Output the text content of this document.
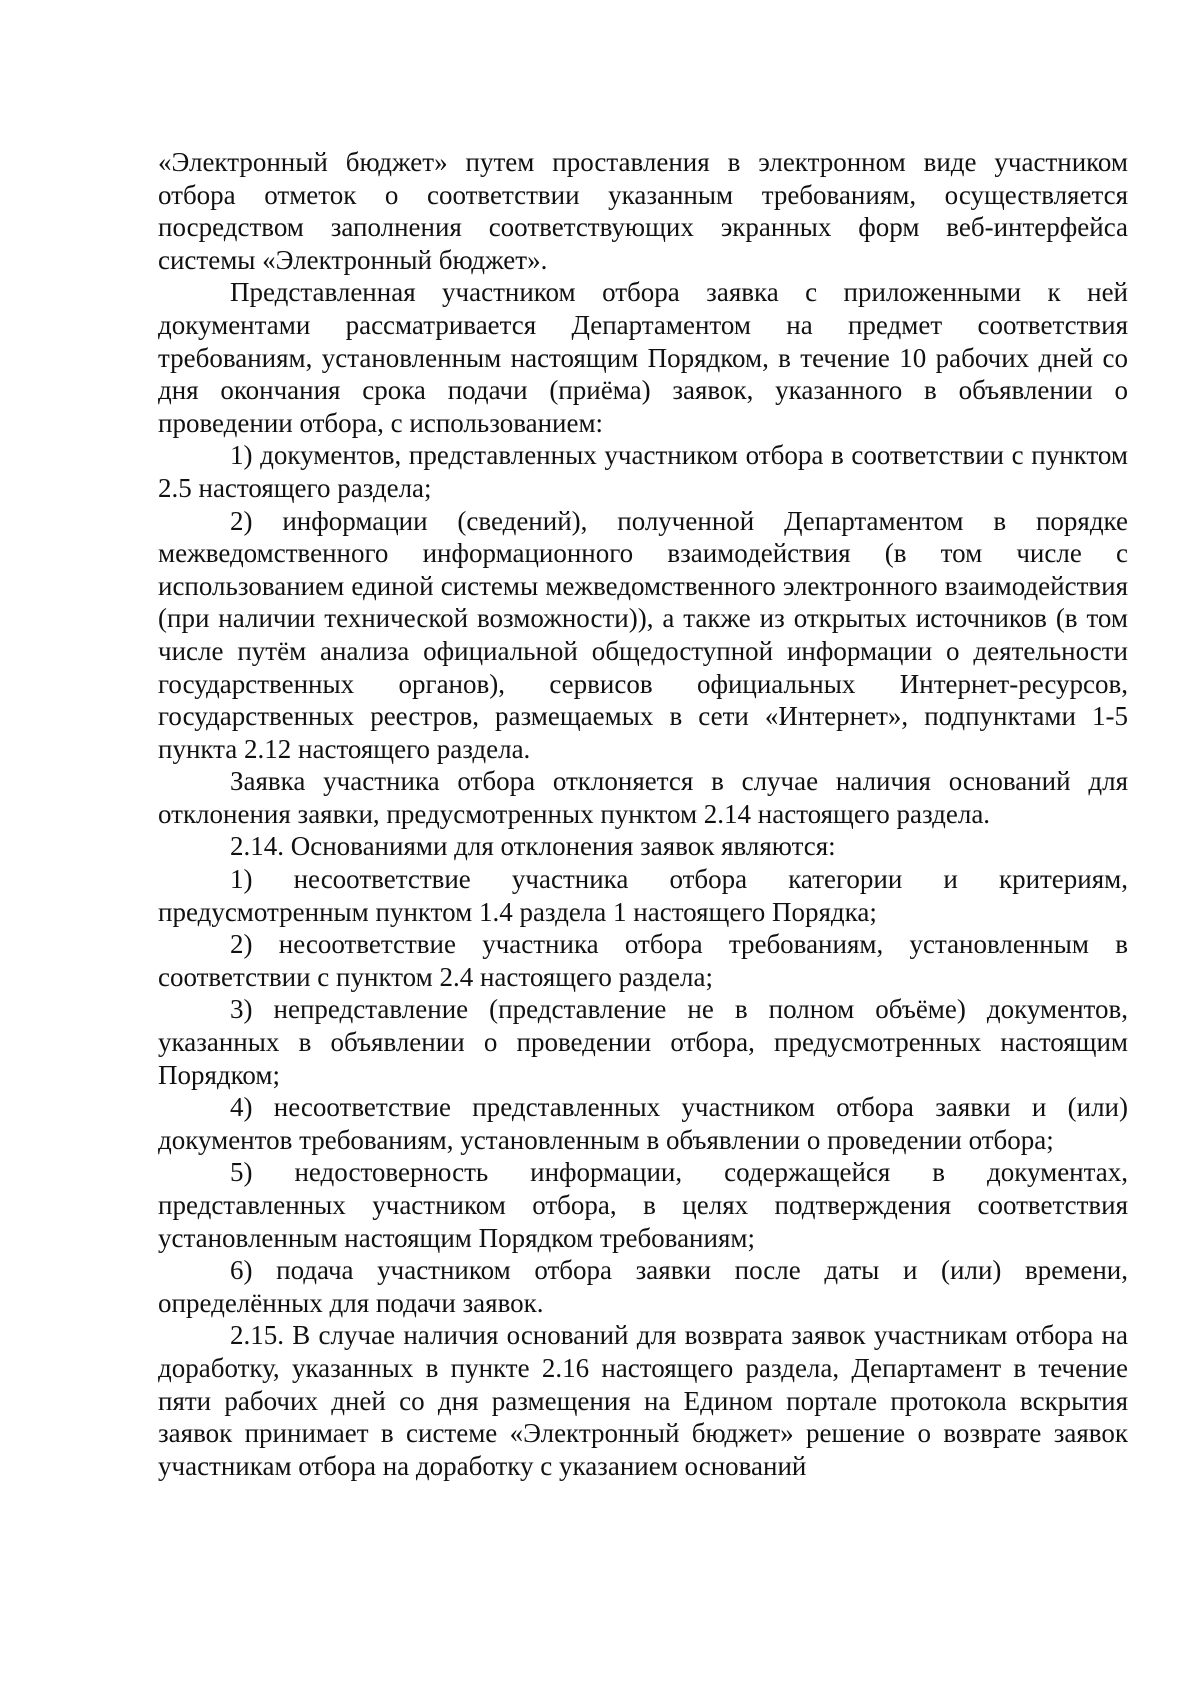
«Электронный бюджет» путем проставления в электронном виде участником отбора отметок о соответствии указанным требованиям, осуществляется посредством заполнения соответствующих экранных форм веб-интерфейса системы «Электронный бюджет».

Представленная участником отбора заявка с приложенными к ней документами рассматривается Департаментом на предмет соответствия требованиям, установленным настоящим Порядком, в течение 10 рабочих дней со дня окончания срока подачи (приёма) заявок, указанного в объявлении о проведении отбора, с использованием:

1) документов, представленных участником отбора в соответствии с пунктом 2.5 настоящего раздела;

2) информации (сведений), полученной Департаментом в порядке межведомственного информационного взаимодействия (в том числе с использованием единой системы межведомственного электронного взаимодействия (при наличии технической возможности)), а также из открытых источников (в том числе путём анализа официальной общедоступной информации о деятельности государственных органов), сервисов официальных Интернет-ресурсов, государственных реестров, размещаемых в сети «Интернет», подпунктами 1-5 пункта 2.12 настоящего раздела.

Заявка участника отбора отклоняется в случае наличия оснований для отклонения заявки, предусмотренных пунктом 2.14 настоящего раздела.

2.14. Основаниями для отклонения заявок являются:

1) несоответствие участника отбора категории и критериям, предусмотренным пунктом 1.4 раздела 1 настоящего Порядка;

2) несоответствие участника отбора требованиям, установленным в соответствии с пунктом 2.4 настоящего раздела;

3) непредставление (представление не в полном объёме) документов, указанных в объявлении о проведении отбора, предусмотренных настоящим Порядком;

4) несоответствие представленных участником отбора заявки и (или) документов требованиям, установленным в объявлении о проведении отбора;

5) недостоверность информации, содержащейся в документах, представленных участником отбора, в целях подтверждения соответствия установленным настоящим Порядком требованиям;

6) подача участником отбора заявки после даты и (или) времени, определённых для подачи заявок.

2.15. В случае наличия оснований для возврата заявок участникам отбора на доработку, указанных в пункте 2.16 настоящего раздела, Департамент в течение пяти рабочих дней со дня размещения на Едином портале протокола вскрытия заявок принимает в системе «Электронный бюджет» решение о возврате заявок участникам отбора на доработку с указанием оснований
